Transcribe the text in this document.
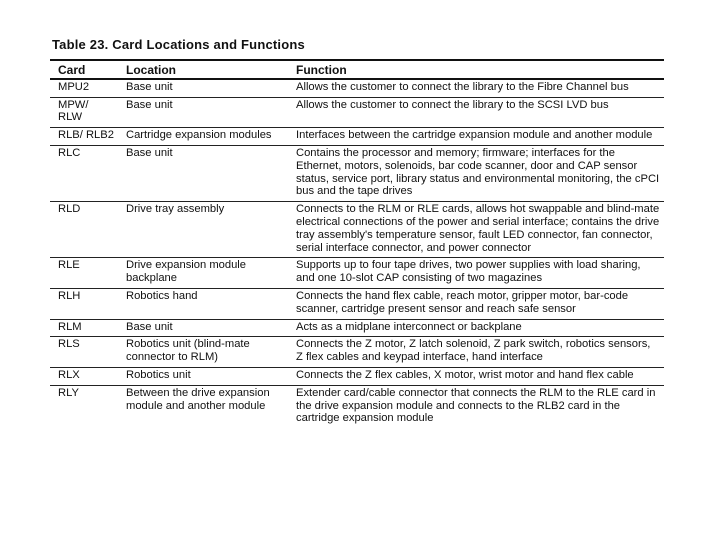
Table 23. Card Locations and Functions
Card	Location	Function
MPU2	Base unit	Allows the customer to connect the library to the Fibre Channel bus
MPW/ RLW	Base unit	Allows the customer to connect the library to the SCSI LVD bus
RLB/ RLB2	Cartridge expansion modules	Interfaces between the cartridge expansion module and another module
RLC	Base unit	Contains the processor and memory; firmware; interfaces for the Ethernet, motors, solenoids, bar code scanner, door and CAP sensor status, service port, library status and environmental monitoring, the cPCI bus and the tape drives
RLD	Drive tray assembly	Connects to the RLM or RLE cards, allows hot swappable and blind-mate electrical connections of the power and serial interface; contains the drive tray assembly's temperature sensor, fault LED connector, fan connector, serial interface connector, and power connector
RLE	Drive expansion module backplane	Supports up to four tape drives, two power supplies with load sharing, and one 10-slot CAP consisting of two magazines
RLH	Robotics hand	Connects the hand flex cable, reach motor, gripper motor, bar-code scanner, cartridge present sensor and reach safe sensor
RLM	Base unit	Acts as a midplane interconnect or backplane
RLS	Robotics unit (blind-mate connector to RLM)	Connects the Z motor, Z latch solenoid, Z park switch, robotics sensors, Z flex cables and keypad interface, hand interface
RLX	Robotics unit	Connects the Z flex cables, X motor, wrist motor and hand flex cable
RLY	Between the drive expansion module and another module	Extender card/cable connector that connects the RLM to the RLE card in the drive expansion module and connects to the RLB2 card in the cartridge expansion module
